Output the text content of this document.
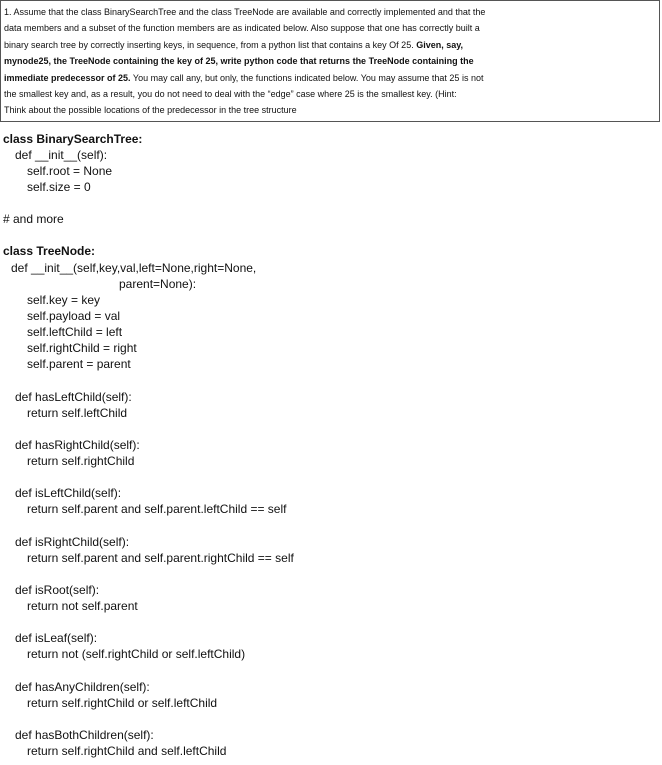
1. Assume that the class BinarySearchTree and the class TreeNode are available and correctly implemented and that the
data members and a subset of the function members are as indicated below. Also suppose that one has correctly built a
binary search tree by correctly inserting keys, in sequence, from a python list that contains a key Of 25. Given, say,
mynode25, the TreeNode containing the key of 25, write python code that returns the TreeNode containing the
immediate predecessor of 25. You may call any, but only, the functions indicated below. You may assume that 25 is not
the smallest key and, as a result, you do not need to deal with the “edge” case where 25 is the smallest key. (Hint:
Think about the possible locations of the predecessor in the tree structure
class BinarySearchTree:
def __init__(self):
self.root = None
self.size = 0
# and more
class TreeNode:
def __init__(self,key,val,left=None,right=None,
parent=None):
self.key = key
self.payload = val
self.leftChild = left
self.rightChild = right
self.parent = parent
def hasLeftChild(self):
return self.leftChild
def hasRightChild(self):
return self.rightChild
def isLeftChild(self):
return self.parent and self.parent.leftChild == self
def isRightChild(self):
return self.parent and self.parent.rightChild == self
def isRoot(self):
return not self.parent
def isLeaf(self):
return not (self.rightChild or self.leftChild)
def hasAnyChildren(self):
return self.rightChild or self.leftChild
def hasBothChildren(self):
return self.rightChild and self.leftChild
